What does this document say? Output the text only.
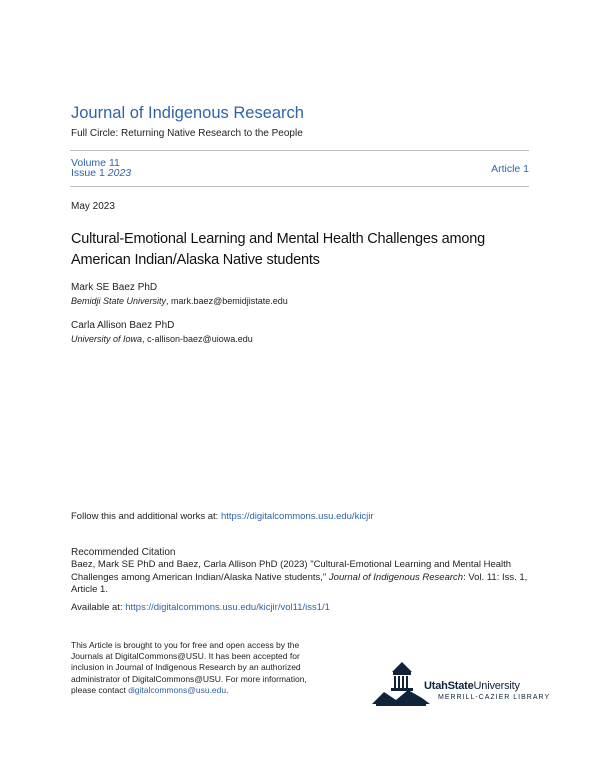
Journal of Indigenous Research
Full Circle: Returning Native Research to the People
Volume 11
Issue 1 2023	Article 1
May 2023
Cultural-Emotional Learning and Mental Health Challenges among American Indian/Alaska Native students
Mark SE Baez PhD
Bemidji State University, mark.baez@bemidjistate.edu
Carla Allison Baez PhD
University of Iowa, c-allison-baez@uiowa.edu
Follow this and additional works at: https://digitalcommons.usu.edu/kicjir
Recommended Citation
Baez, Mark SE PhD and Baez, Carla Allison PhD (2023) "Cultural-Emotional Learning and Mental Health Challenges among American Indian/Alaska Native students," Journal of Indigenous Research: Vol. 11: Iss. 1, Article 1.
Available at: https://digitalcommons.usu.edu/kicjir/vol11/iss1/1
This Article is brought to you for free and open access by the Journals at DigitalCommons@USU. It has been accepted for inclusion in Journal of Indigenous Research by an authorized administrator of DigitalCommons@USU. For more information, please contact digitalcommons@usu.edu.	UtahStateUniversity
MERRILL-CAZIER LIBRARY
